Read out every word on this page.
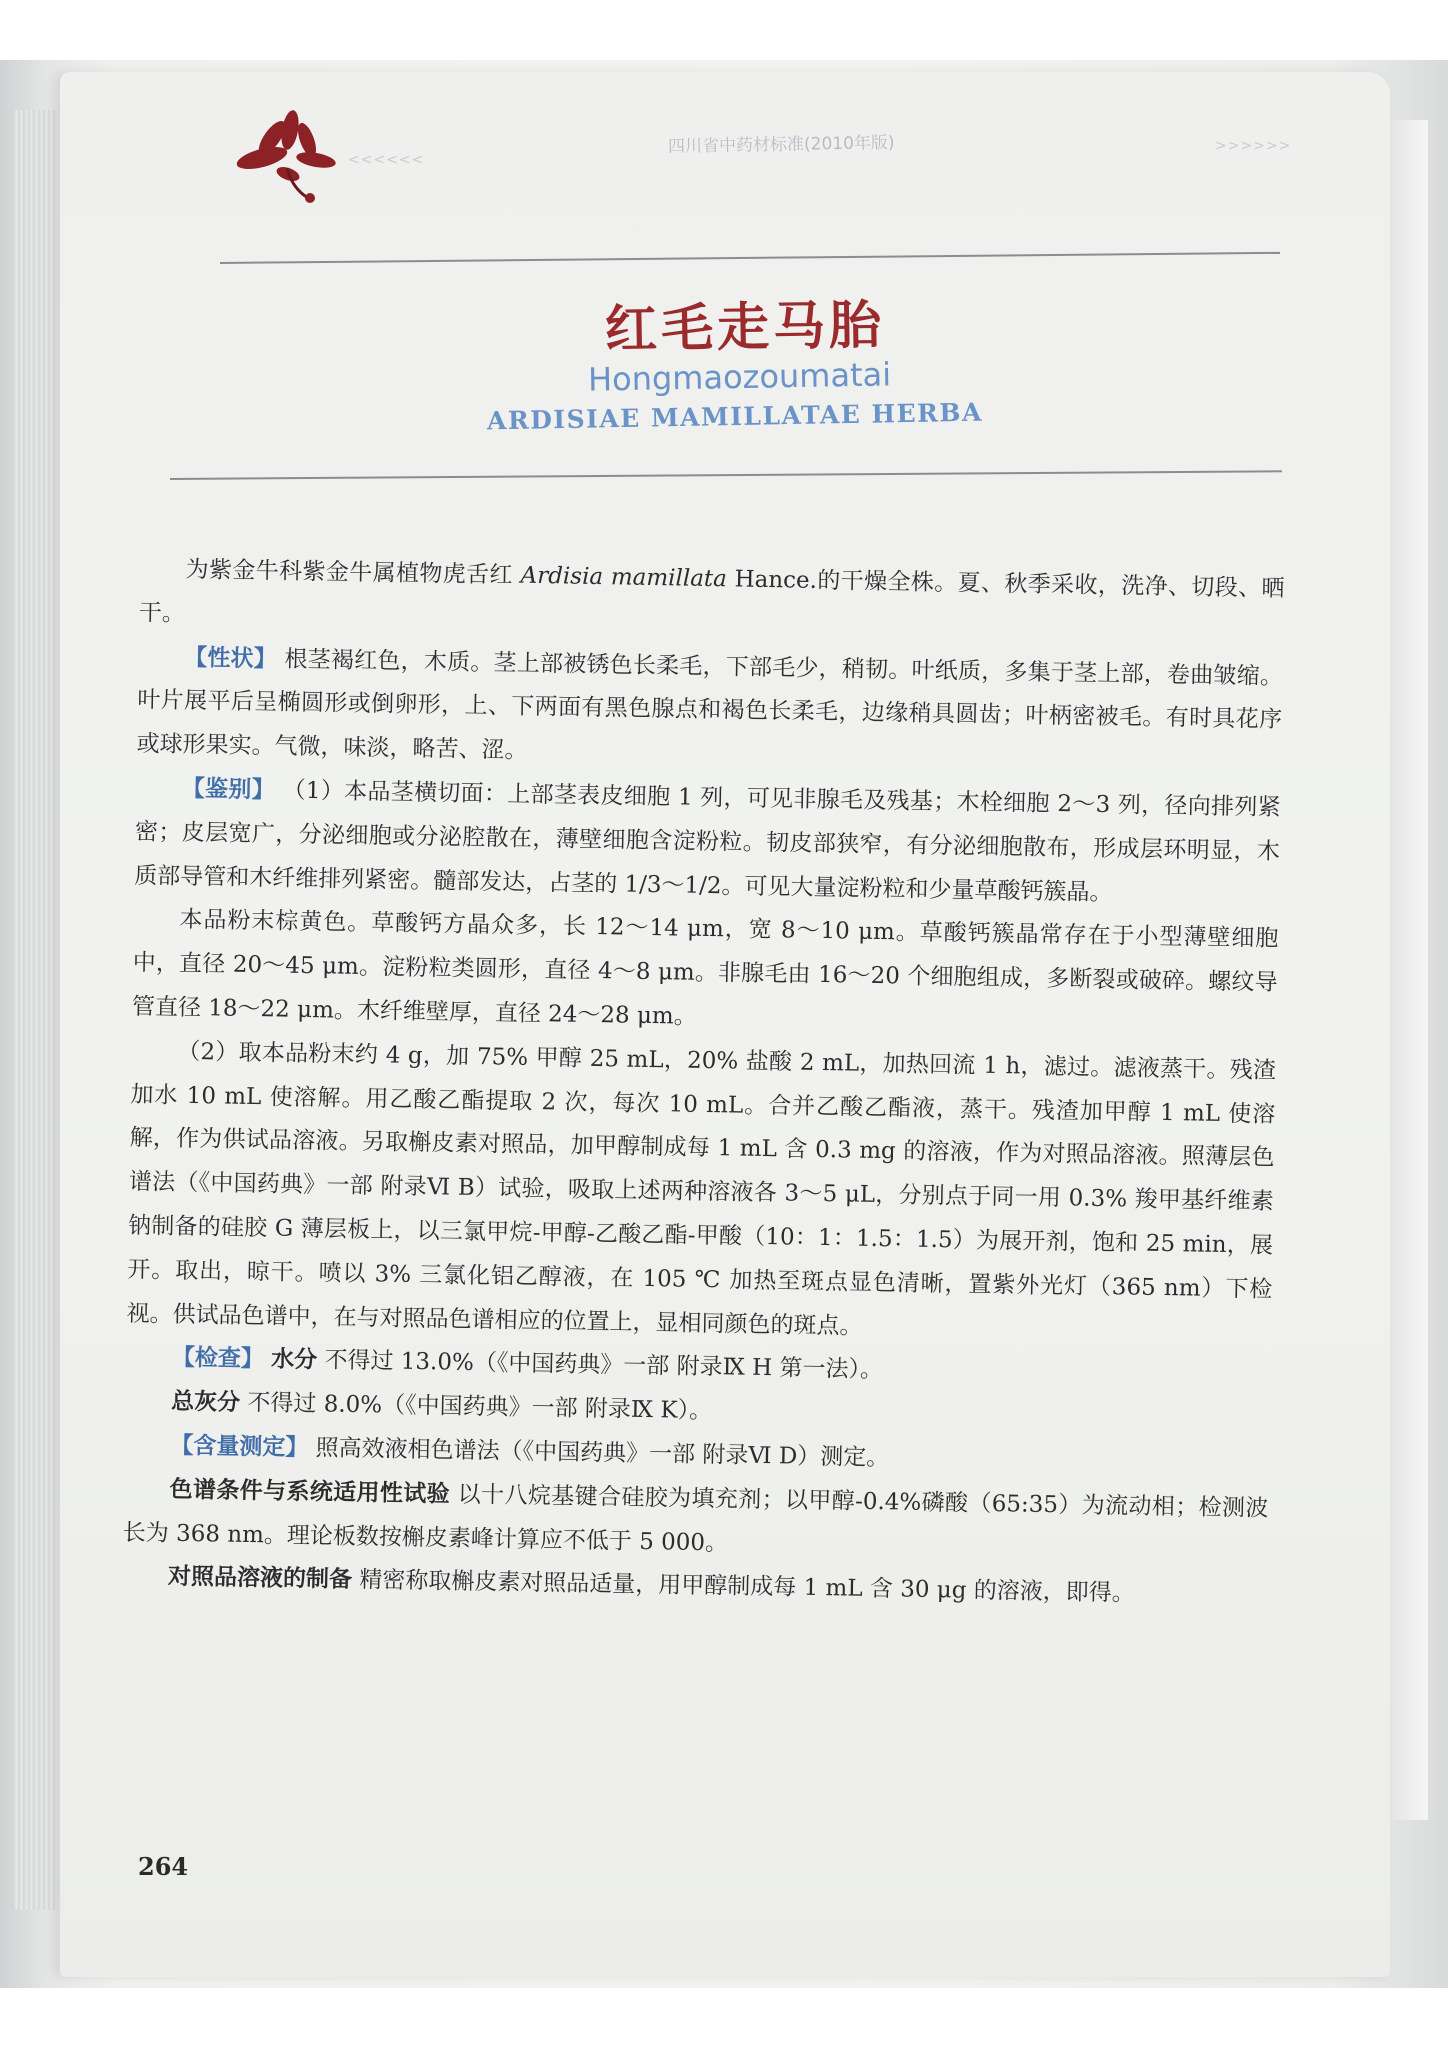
<<<<<<
四川省中药材标准(2010年版)	>>>>>>
红毛走马胎
Hongmaozoumatai
ARDISIAE MAMILLATAE HERBA

为紫金牛科紫金牛属植物虎舌红 Ardisia mamillata Hance.的干燥全株。夏、秋季采收，洗净、切段、晒干。

【性状】 根茎褐红色，木质。茎上部被锈色长柔毛，下部毛少，稍韧。叶纸质，多集于茎上部，卷曲皱缩。叶片展平后呈椭圆形或倒卵形，上、下两面有黑色腺点和褐色长柔毛，边缘稍具圆齿；叶柄密被毛。有时具花序或球形果实。气微，味淡，略苦、涩。

【鉴别】 （1）本品茎横切面：上部茎表皮细胞 1 列，可见非腺毛及残基；木栓细胞 2～3 列，径向排列紧密；皮层宽广，分泌细胞或分泌腔散在，薄壁细胞含淀粉粒。韧皮部狭窄，有分泌细胞散布，形成层环明显，木质部导管和木纤维排列紧密。髓部发达，占茎的 1/3～1/2。可见大量淀粉粒和少量草酸钙簇晶。

本品粉末棕黄色。草酸钙方晶众多，长 12～14 μm，宽 8～10 μm。草酸钙簇晶常存在于小型薄壁细胞中，直径 20～45 μm。淀粉粒类圆形，直径 4～8 μm。非腺毛由 16～20 个细胞组成，多断裂或破碎。螺纹导管直径 18～22 μm。木纤维壁厚，直径 24～28 μm。

（2）取本品粉末约 4 g，加 75% 甲醇 25 mL，20% 盐酸 2 mL，加热回流 1 h，滤过。滤液蒸干。残渣加水 10 mL 使溶解。用乙酸乙酯提取 2 次，每次 10 mL。合并乙酸乙酯液，蒸干。残渣加甲醇 1 mL 使溶解，作为供试品溶液。另取槲皮素对照品，加甲醇制成每 1 mL 含 0.3 mg 的溶液，作为对照品溶液。照薄层色谱法（《中国药典》一部 附录Ⅵ B）试验，吸取上述两种溶液各 3～5 μL，分别点于同一用 0.3% 羧甲基纤维素钠制备的硅胶 G 薄层板上，以三氯甲烷-甲醇-乙酸乙酯-甲酸（10：1：1.5：1.5）为展开剂，饱和 25 min，展开。取出，晾干。喷以 3% 三氯化铝乙醇液，在 105 ℃ 加热至斑点显色清晰，置紫外光灯（365 nm）下检视。供试品色谱中，在与对照品色谱相应的位置上，显相同颜色的斑点。

【检查】 水分 不得过 13.0%（《中国药典》一部 附录Ⅸ H 第一法）。

总灰分 不得过 8.0%（《中国药典》一部 附录Ⅸ K）。

【含量测定】 照高效液相色谱法（《中国药典》一部 附录Ⅵ D）测定。

色谱条件与系统适用性试验 以十八烷基键合硅胶为填充剂；以甲醇-0.4%磷酸（65:35）为流动相；检测波长为 368 nm。理论板数按槲皮素峰计算应不低于 5 000。

对照品溶液的制备 精密称取槲皮素对照品适量，用甲醇制成每 1 mL 含 30 μg 的溶液，即得。

264
